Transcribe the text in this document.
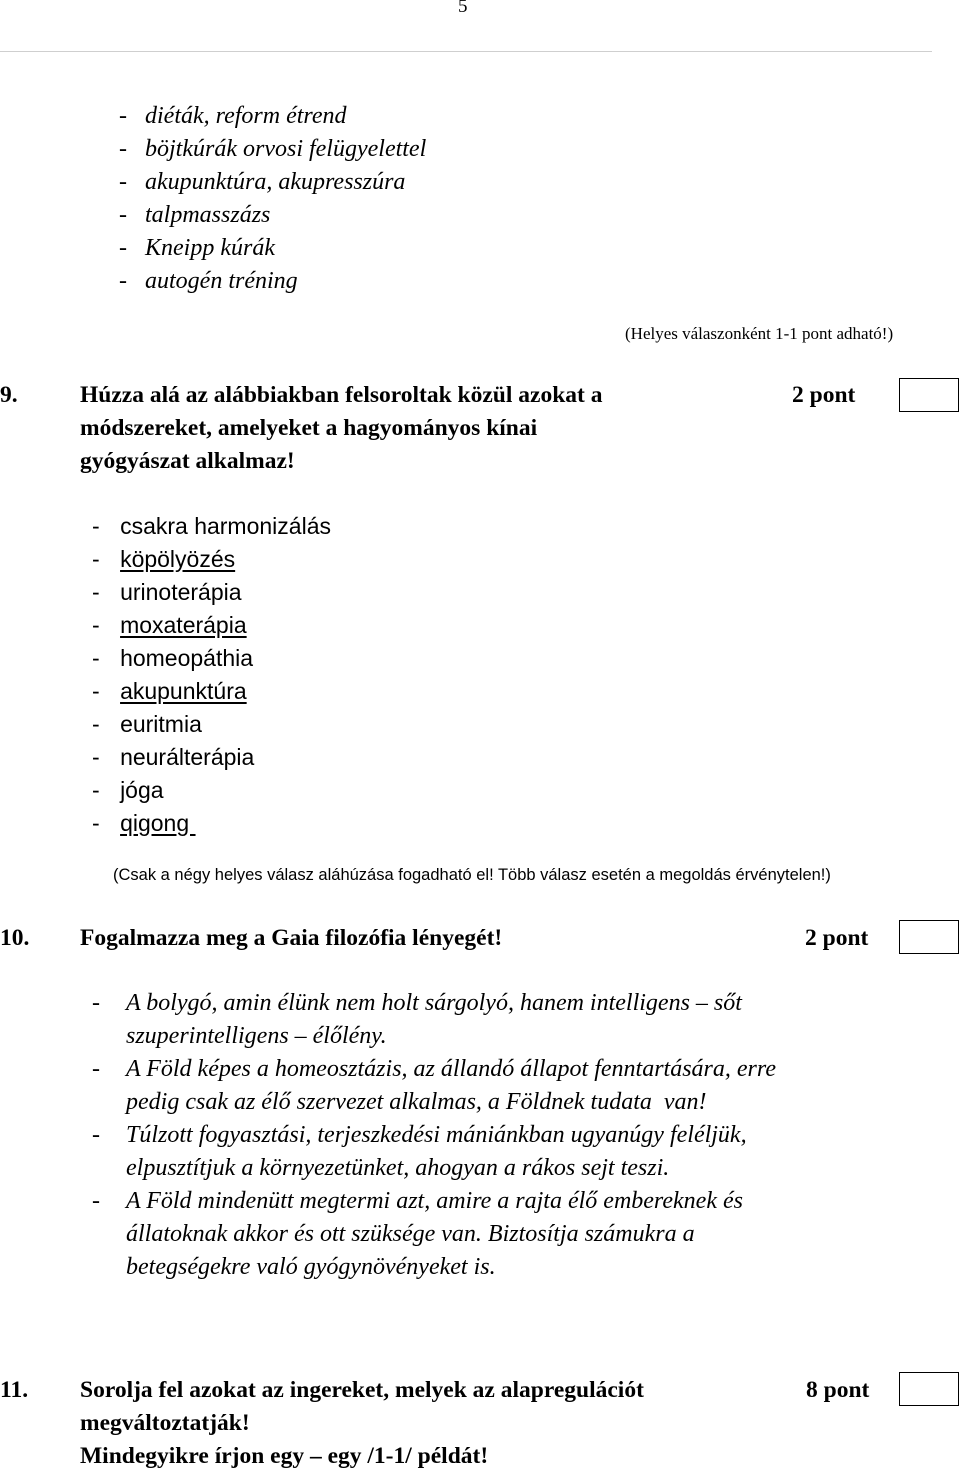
5
- diéták, reform étrend
- böjtkúrák orvosi felügyelettel
- akupunktúra, akupresszúra
- talpmasszázs
- Kneipp kúrák
- autogén tréning
(Helyes válaszonként 1-1 pont adható!)
9.	Húzza alá az alábbiakban felsoroltak közül azokat a
módszereket, amelyeket a hagyományos kínai
gyógyászat alkalmaz!
2 pont
- csakra harmonizálás
- köpölyözés
- urinoterápia
- moxaterápia
- homeopáthia
- akupunktúra
- euritmia
- neurálterápia
- jóga
- qigong
(Csak a négy helyes válasz aláhúzása fogadható el! Több válasz esetén a megoldás érvénytelen!)
10. Fogalmazza meg a Gaia filozófia lényegét!	2 pont
- A bolygó, amin élünk nem holt sárgolyó, hanem intelligens – sőt
szuperintelligens – élőlény.
- A Föld képes a homeosztázis, az állandó állapot fenntartására, erre
pedig csak az élő szervezet alkalmas, a Földnek tudata  van!
- Túlzott fogyasztási, terjeszkedési mániánkban ugyanúgy feléljük,
elpusztítjuk a környezetünket, ahogyan a rákos sejt teszi.
- A Föld mindenütt megtermi azt, amire a rajta élő embereknek és
állatoknak akkor és ott szüksége van. Biztosítja számukra a
betegségekre való gyógynövényeket is.
11. Sorolja fel azokat az ingereket, melyek az alapregulációt
megváltoztatják!
Mindegyikre írjon egy – egy /1-1/ példát!
8 pont
